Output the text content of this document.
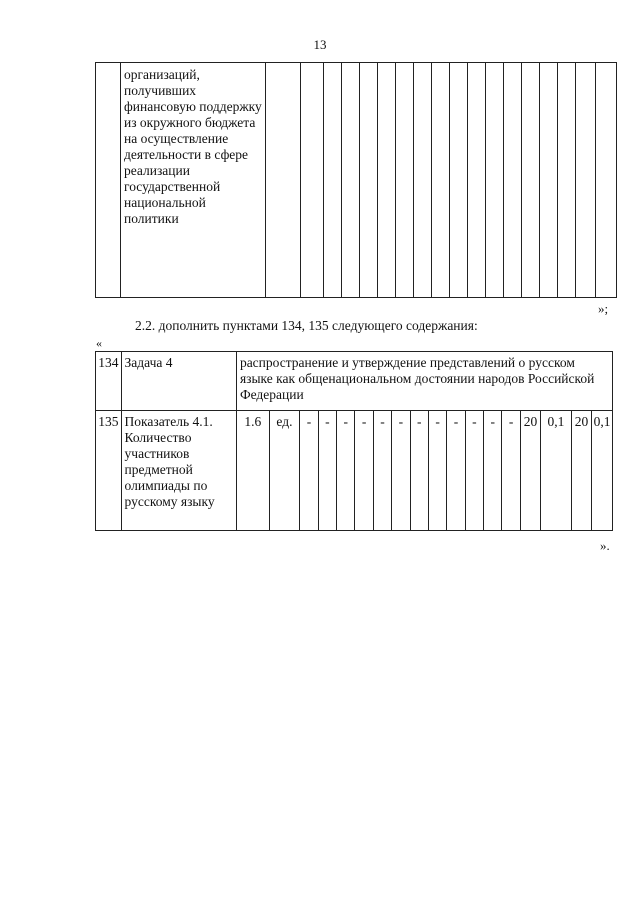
13
	организаций, получивших финансовую поддержку из окружного бюджета на осуществление деятельности в сфере реализации государственной национальной политики																		
»;
2.2. дополнить пунктами 134, 135 следующего содержания:
«
134	Задача 4	распространение и утверждение представлений о русском языке как общенациональном достоянии народов Российской Федерации																	
135	Показатель 4.1. Количество участников предметной олимпиады по русскому языку	1.6	ед.	-	-	-	-	-	-	-	-	-	-	-	-	20	0,1	20	0,1
».
